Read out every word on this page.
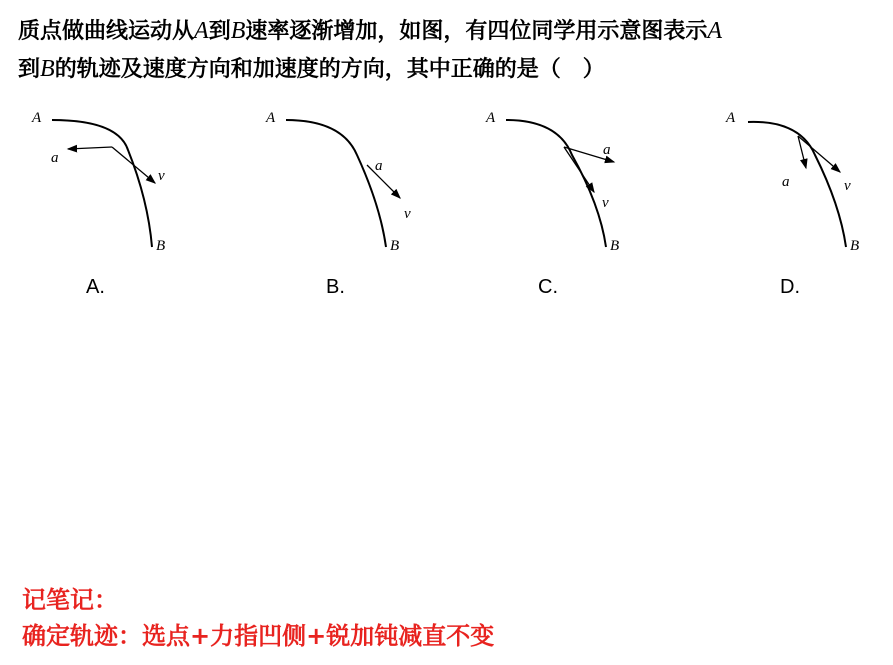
质点做曲线运动从A到B速率逐渐增加，如图，有四位同学用示意图表示A
到B的轨迹及速度方向和加速度的方向，其中正确的是（　）
A
B
a
v
A.
A
B
a
v
B.
A
B
a
v
C.
A
B
a	v
D.
记笔记：
确定轨迹：选点+力指凹侧+锐加钝减直不变
